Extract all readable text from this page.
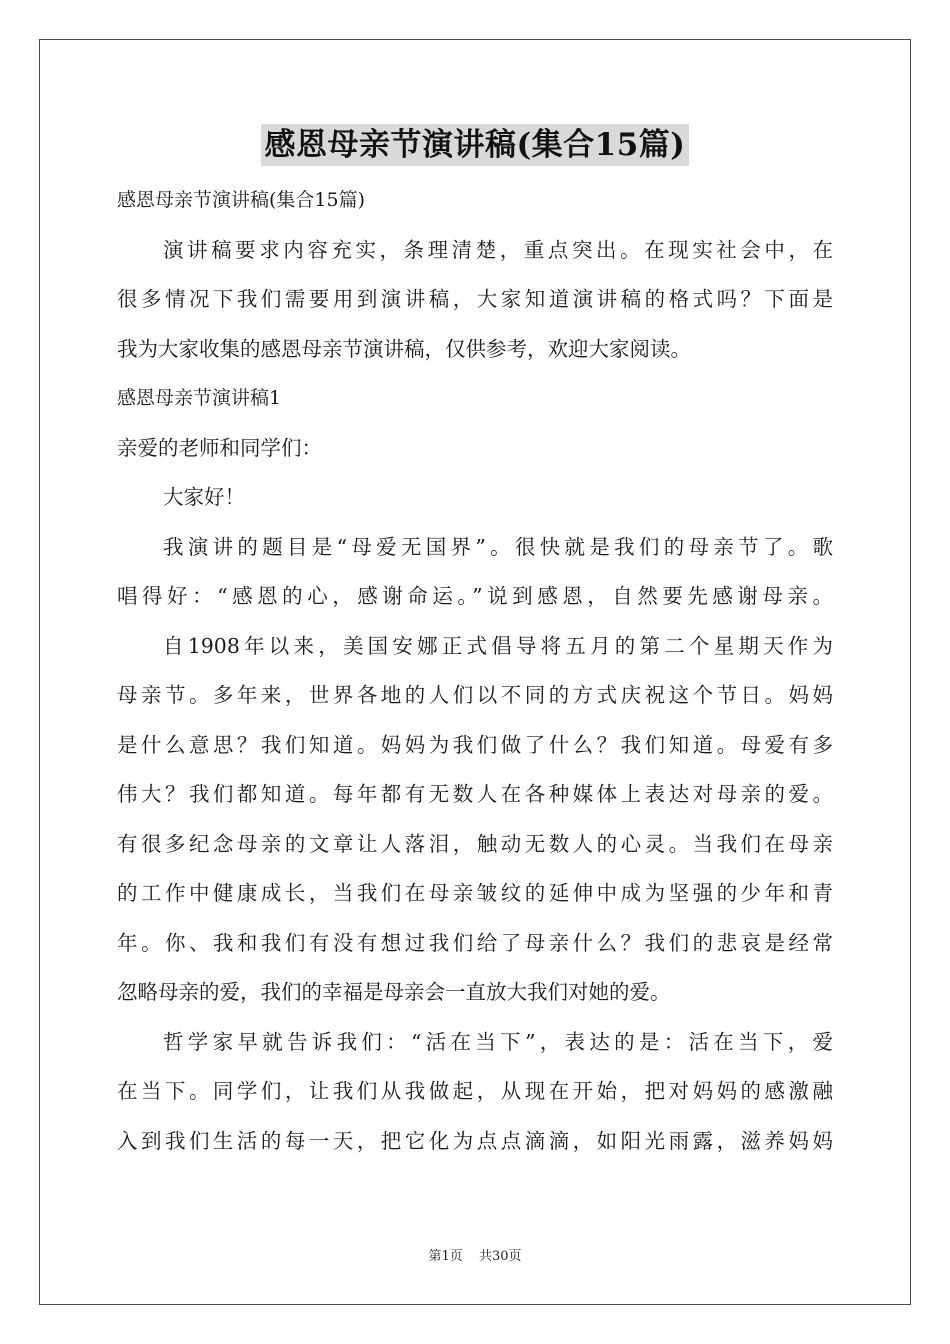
感恩母亲节演讲稿(集合15篇)
感恩母亲节演讲稿(集合15篇)
演讲稿要求内容充实，条理清楚，重点突出。在现实社会中，在
很多情况下我们需要用到演讲稿，大家知道演讲稿的格式吗？下面是
我为大家收集的感恩母亲节演讲稿，仅供参考，欢迎大家阅读。
感恩母亲节演讲稿1
亲爱的老师和同学们：
大家好！
我演讲的题目是“母爱无国界”。很快就是我们的母亲节了。歌
唱得好：“感恩的心，感谢命运。”说到感恩，自然要先感谢母亲。
自1908年以来，美国安娜正式倡导将五月的第二个星期天作为
母亲节。多年来，世界各地的人们以不同的方式庆祝这个节日。妈妈
是什么意思？我们知道。妈妈为我们做了什么？我们知道。母爱有多
伟大？我们都知道。每年都有无数人在各种媒体上表达对母亲的爱。
有很多纪念母亲的文章让人落泪，触动无数人的心灵。当我们在母亲
的工作中健康成长，当我们在母亲皱纹的延伸中成为坚强的少年和青
年。你、我和我们有没有想过我们给了母亲什么？我们的悲哀是经常
忽略母亲的爱，我们的幸福是母亲会一直放大我们对她的爱。
哲学家早就告诉我们：“活在当下”，表达的是：活在当下，爱
在当下。同学们，让我们从我做起，从现在开始，把对妈妈的感激融
入到我们生活的每一天，把它化为点点滴滴，如阳光雨露，滋养妈妈
第1页 共30页
